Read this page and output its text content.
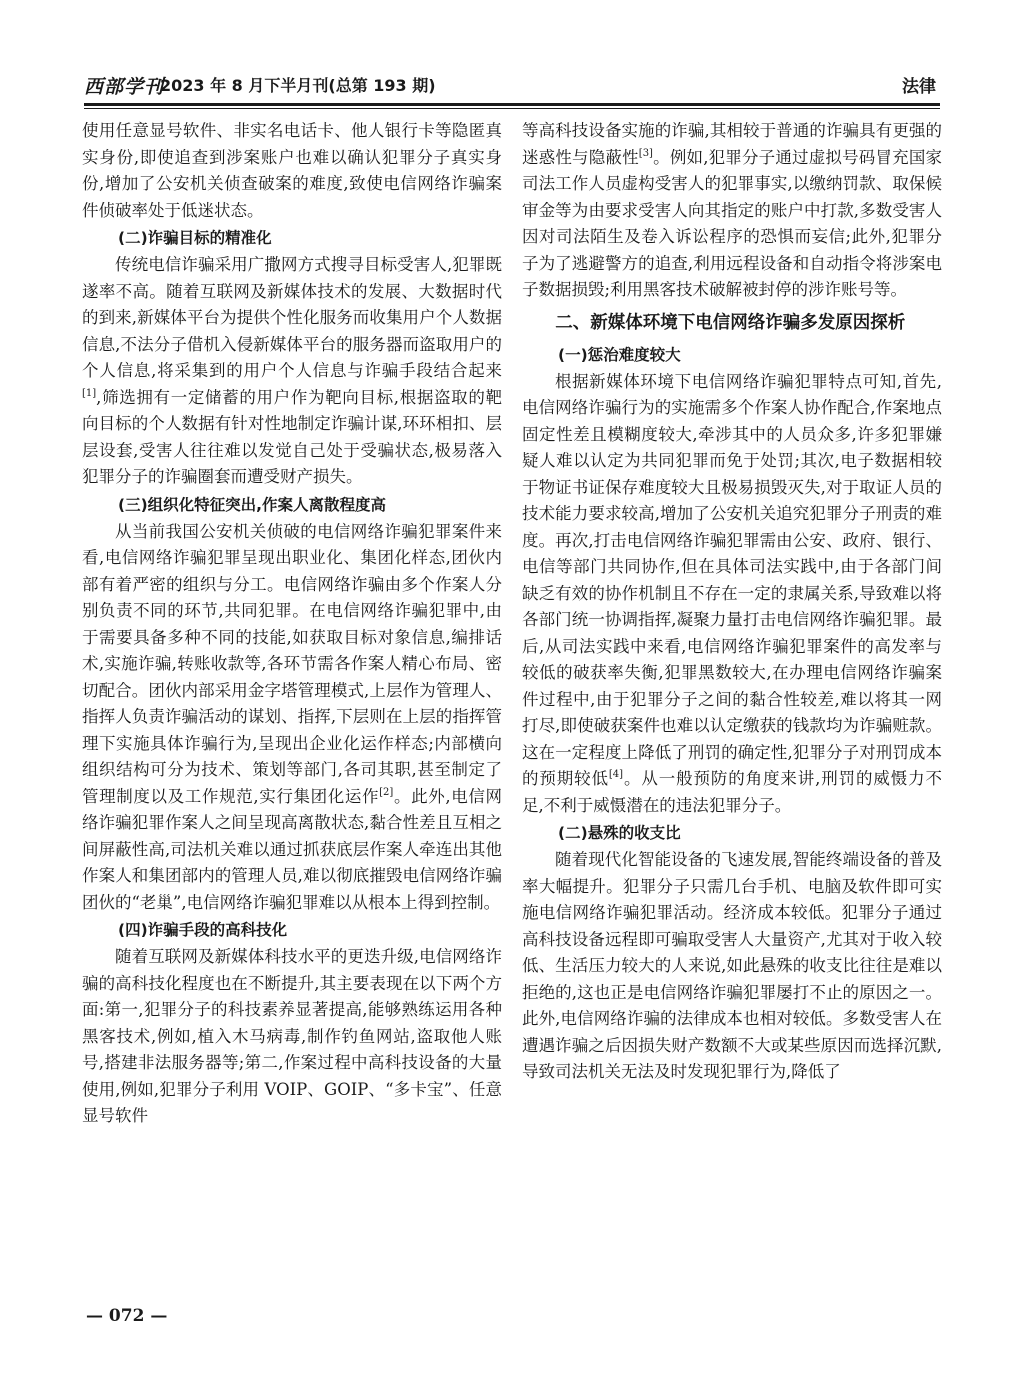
西部学刊
2023 年 8 月下半月刊(总第 193 期)	法律

使用任意显号软件、非实名电话卡、他人银行卡等隐匿真实身份,即使追查到涉案账户也难以确认犯罪分子真实身份,增加了公安机关侦查破案的难度,致使电信网络诈骗案件侦破率处于低迷状态。

(二)诈骗目标的精准化

传统电信诈骗采用广撒网方式搜寻目标受害人,犯罪既遂率不高。随着互联网及新媒体技术的发展、大数据时代的到来,新媒体平台为提供个性化服务而收集用户个人数据信息,不法分子借机入侵新媒体平台的服务器而盗取用户的个人信息,将采集到的用户个人信息与诈骗手段结合起来[1],筛选拥有一定储蓄的用户作为靶向目标,根据盗取的靶向目标的个人数据有针对性地制定诈骗计谋,环环相扣、层层设套,受害人往往难以发觉自己处于受骗状态,极易落入犯罪分子的诈骗圈套而遭受财产损失。

(三)组织化特征突出,作案人离散程度高

从当前我国公安机关侦破的电信网络诈骗犯罪案件来看,电信网络诈骗犯罪呈现出职业化、集团化样态,团伙内部有着严密的组织与分工。电信网络诈骗由多个作案人分别负责不同的环节,共同犯罪。在电信网络诈骗犯罪中,由于需要具备多种不同的技能,如获取目标对象信息,编排话术,实施诈骗,转账收款等,各环节需各作案人精心布局、密切配合。团伙内部采用金字塔管理模式,上层作为管理人、指挥人负责诈骗活动的谋划、指挥,下层则在上层的指挥管理下实施具体诈骗行为,呈现出企业化运作样态;内部横向组织结构可分为技术、策划等部门,各司其职,甚至制定了管理制度以及工作规范,实行集团化运作[2]。此外,电信网络诈骗犯罪作案人之间呈现高离散状态,黏合性差且互相之间屏蔽性高,司法机关难以通过抓获底层作案人牵连出其他作案人和集团部内的管理人员,难以彻底摧毁电信网络诈骗团伙的“老巢”,电信网络诈骗犯罪难以从根本上得到控制。

(四)诈骗手段的高科技化

随着互联网及新媒体科技水平的更迭升级,电信网络诈骗的高科技化程度也在不断提升,其主要表现在以下两个方面:第一,犯罪分子的科技素养显著提高,能够熟练运用各种黑客技术,例如,植入木马病毒,制作钓鱼网站,盗取他人账号,搭建非法服务器等;第二,作案过程中高科技设备的大量使用,例如,犯罪分子利用 VOIP、GOIP、“多卡宝”、任意显号软件

等高科技设备实施的诈骗,其相较于普通的诈骗具有更强的迷惑性与隐蔽性[3]。例如,犯罪分子通过虚拟号码冒充国家司法工作人员虚构受害人的犯罪事实,以缴纳罚款、取保候审金等为由要求受害人向其指定的账户中打款,多数受害人因对司法陌生及卷入诉讼程序的恐惧而妄信;此外,犯罪分子为了逃避警方的追查,利用远程设备和自动指令将涉案电子数据损毁;利用黑客技术破解被封停的涉诈账号等。

二、新媒体环境下电信网络诈骗多发原因探析
(一)惩治难度较大

根据新媒体环境下电信网络诈骗犯罪特点可知,首先,电信网络诈骗行为的实施需多个作案人协作配合,作案地点固定性差且模糊度较大,牵涉其中的人员众多,许多犯罪嫌疑人难以认定为共同犯罪而免于处罚;其次,电子数据相较于物证书证保存难度较大且极易损毁灭失,对于取证人员的技术能力要求较高,增加了公安机关追究犯罪分子刑责的难度。再次,打击电信网络诈骗犯罪需由公安、政府、银行、电信等部门共同协作,但在具体司法实践中,由于各部门间缺乏有效的协作机制且不存在一定的隶属关系,导致难以将各部门统一协调指挥,凝聚力量打击电信网络诈骗犯罪。最后,从司法实践中来看,电信网络诈骗犯罪案件的高发率与较低的破获率失衡,犯罪黑数较大,在办理电信网络诈骗案件过程中,由于犯罪分子之间的黏合性较差,难以将其一网打尽,即使破获案件也难以认定缴获的钱款均为诈骗赃款。这在一定程度上降低了刑罚的确定性,犯罪分子对刑罚成本的预期较低[4]。从一般预防的角度来讲,刑罚的威慑力不足,不利于威慑潜在的违法犯罪分子。

(二)悬殊的收支比

随着现代化智能设备的飞速发展,智能终端设备的普及率大幅提升。犯罪分子只需几台手机、电脑及软件即可实施电信网络诈骗犯罪活动。经济成本较低。犯罪分子通过高科技设备远程即可骗取受害人大量资产,尤其对于收入较低、生活压力较大的人来说,如此悬殊的收支比往往是难以拒绝的,这也正是电信网络诈骗犯罪屡打不止的原因之一。此外,电信网络诈骗的法律成本也相对较低。多数受害人在遭遇诈骗之后因损失财产数额不大或某些原因而选择沉默,导致司法机关无法及时发现犯罪行为,降低了

— 072 —
